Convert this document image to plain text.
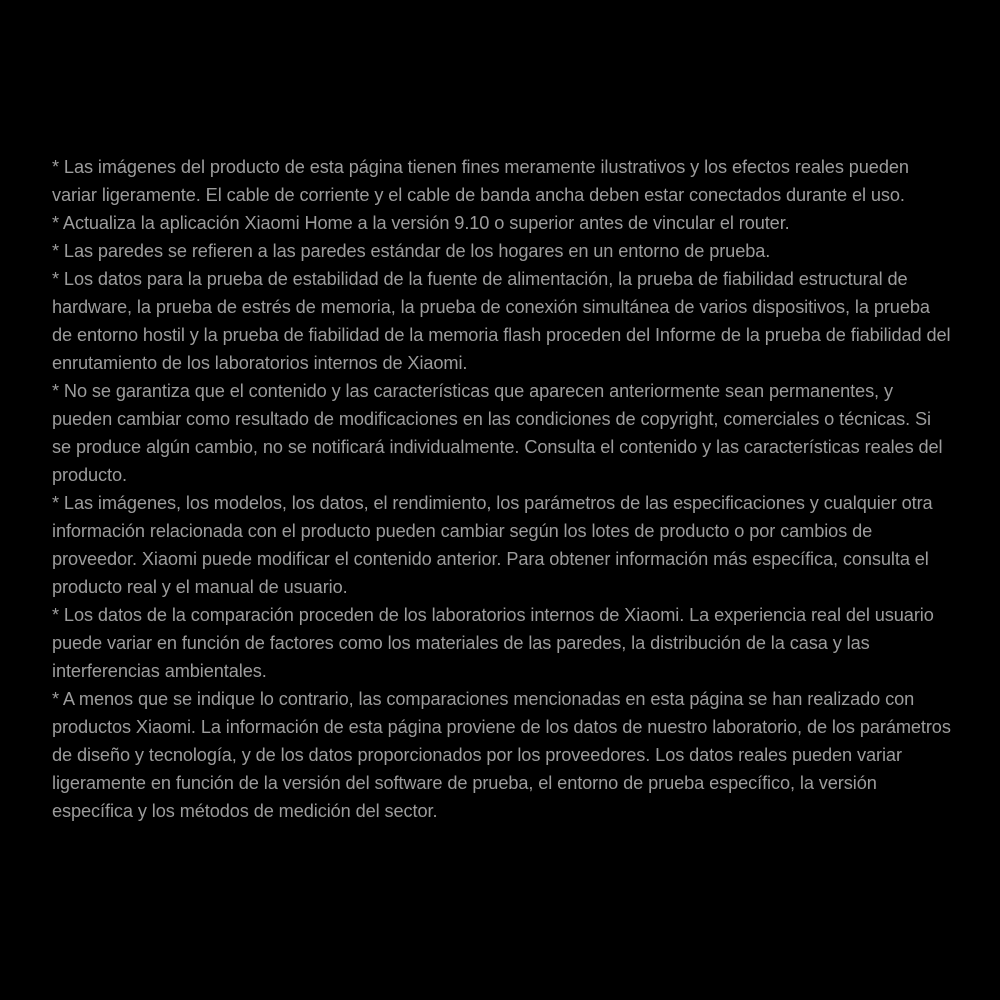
* Las imágenes del producto de esta página tienen fines meramente ilustrativos y los efectos reales pueden variar ligeramente. El cable de corriente y el cable de banda ancha deben estar conectados durante el uso.

* Actualiza la aplicación Xiaomi Home a la versión 9.10 o superior antes de vincular el router.

* Las paredes se refieren a las paredes estándar de los hogares en un entorno de prueba.

* Los datos para la prueba de estabilidad de la fuente de alimentación, la prueba de fiabilidad estructural de hardware, la prueba de estrés de memoria, la prueba de conexión simultánea de varios dispositivos, la prueba de entorno hostil y la prueba de fiabilidad de la memoria flash proceden del Informe de la prueba de fiabilidad del enrutamiento de los laboratorios internos de Xiaomi.

* No se garantiza que el contenido y las características que aparecen anteriormente sean permanentes, y pueden cambiar como resultado de modificaciones en las condiciones de copyright, comerciales o técnicas. Si se produce algún cambio, no se notificará individualmente. Consulta el contenido y las características reales del producto.

* Las imágenes, los modelos, los datos, el rendimiento, los parámetros de las especificaciones y cualquier otra información relacionada con el producto pueden cambiar según los lotes de producto o por cambios de proveedor. Xiaomi puede modificar el contenido anterior. Para obtener información más específica, consulta el producto real y el manual de usuario.

* Los datos de la comparación proceden de los laboratorios internos de Xiaomi. La experiencia real del usuario puede variar en función de factores como los materiales de las paredes, la distribución de la casa y las interferencias ambientales.

* A menos que se indique lo contrario, las comparaciones mencionadas en esta página se han realizado con productos Xiaomi. La información de esta página proviene de los datos de nuestro laboratorio, de los parámetros de diseño y tecnología, y de los datos proporcionados por los proveedores. Los datos reales pueden variar ligeramente en función de la versión del software de prueba, el entorno de prueba específico, la versión específica y los métodos de medición del sector.
